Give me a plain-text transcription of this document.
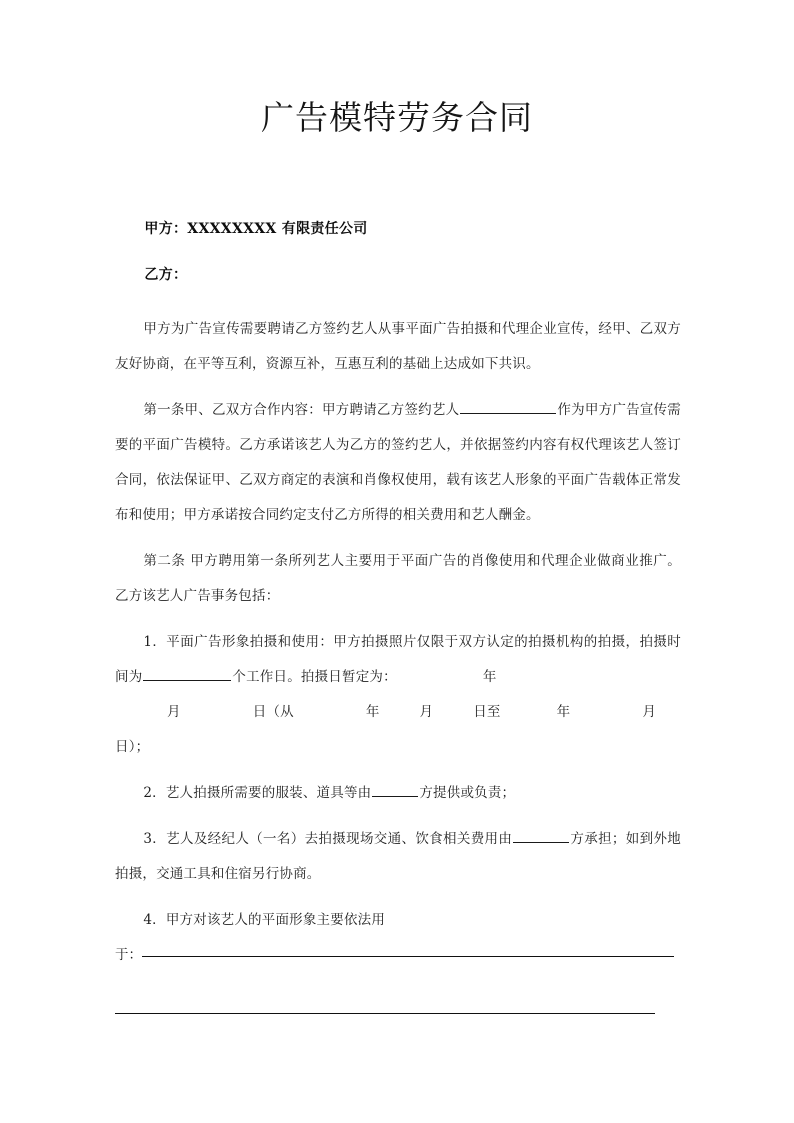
广告模特劳务合同

甲方：XXXXXXXX 有限责任公司

乙方：

甲方为广告宣传需要聘请乙方签约艺人从事平面广告拍摄和代理企业宣传，经甲、乙双方友好协商，在平等互利，资源互补，互惠互利的基础上达成如下共识。

第一条甲、乙双方合作内容：甲方聘请乙方签约艺人	作为甲方广告宣传需要的平面广告模特。乙方承诺该艺人为乙方的签约艺人，并依据签约内容有权代理该艺人签订合同，依法保证甲、乙双方商定的表演和肖像权使用，载有该艺人形象的平面广告载体正常发布和使用；甲方承诺按合同约定支付乙方所得的相关费用和艺人酬金。

第二条 甲方聘用第一条所列艺人主要用于平面广告的肖像使用和代理企业做商业推广。乙方该艺人广告事务包括：

1．平面广告形象拍摄和使用：甲方拍摄照片仅限于双方认定的拍摄机构的拍摄，拍摄时间为	个工作日。拍摄日暂定为：	年

月	日（从	年	月	日至	年	月

日）；

2．艺人拍摄所需要的服装、道具等由	方提供或负责；

3．艺人及经纪人（一名）去拍摄现场交通、饮食相关费用由	方承担；如到外地拍摄，交通工具和住宿另行协商。

4．甲方对该艺人的平面形象主要依法用

于：
